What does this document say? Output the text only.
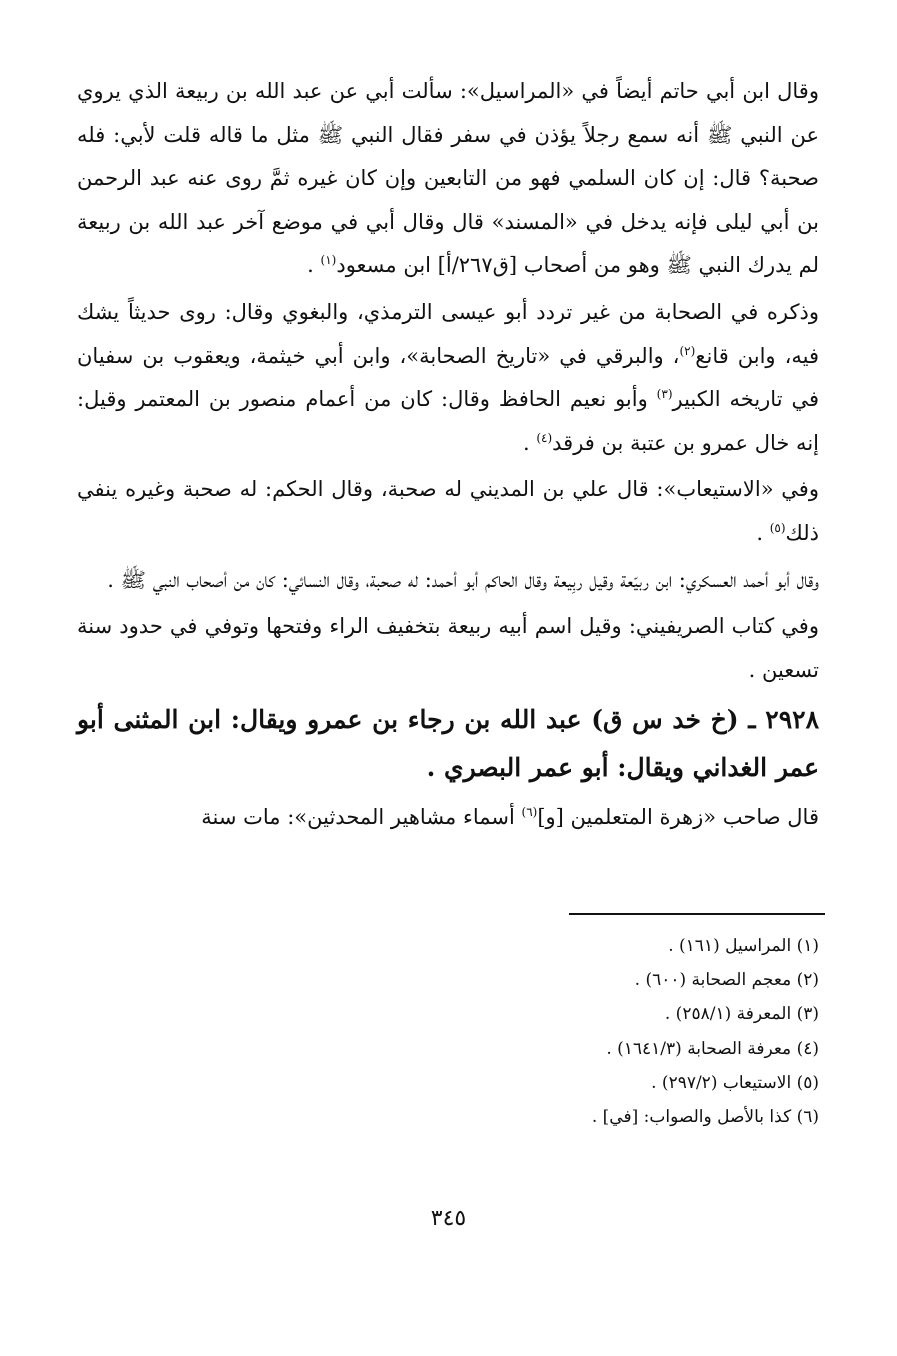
وقال ابن أبي حاتم أيضاً في «المراسيل»: سألت أبي عن عبد الله بن ربيعة الذي يروي عن النبي ﷺ أنه سمع رجلاً يؤذن في سفر فقال النبي ﷺ مثل ما قاله قلت لأبي: فله صحبة؟ قال: إن كان السلمي فهو من التابعين وإن كان غيره ثمَّ روى عنه عبد الرحمن بن أبي ليلى فإنه يدخل في «المسند» قال وقال أبي في موضع آخر عبد الله بن ربيعة لم يدرك النبي ﷺ وهو من أصحاب [ق٢٦٧/أ] ابن مسعود$^{(١)}$ .

وذكره في الصحابة من غير تردد أبو عيسى الترمذي، والبغوي وقال: روى حديثاً يشك فيه، وابن قانع$^{(٢)}$، والبرقي في «تاريخ الصحابة»، وابن أبي خيثمة، ويعقوب بن سفيان في تاريخه الكبير$^{(٣)}$ وأبو نعيم الحافظ وقال: كان من أعمام منصور بن المعتمر وقيل: إنه خال عمرو بن عتبة بن فرقد$^{(٤)}$ .

وفي «الاستيعاب»: قال علي بن المديني له صحبة، وقال الحكم: له صحبة وغيره ينفي ذلك$^{(٥)}$ .

وقال أبو أحمد العسكري: ابن ربيّعة وقيل ربِيعة وقال الحاكم أبو أحمد: له صحبة، وقال النسائي: كان من أصحاب النبي ﷺ .

وفي كتاب الصريفيني: وقيل اسم أبيه ربيعة بتخفيف الراء وفتحها وتوفي في حدود سنة تسعين .

٢٩٢٨ ـ (خ خد س ق) عبد الله بن رجاء بن عمرو ويقال: ابن المثنى أبو عمر الغداني ويقال: أبو عمر البصري .

قال صاحب «زهرة المتعلمين [و]$^{(٦)}$ أسماء مشاهير المحدثين»: مات سنة

(١) المراسيل (١٦١) .

(٢) معجم الصحابة (٦٠٠) .

(٣) المعرفة (٢٥٨/١) .

(٤) معرفة الصحابة (١٦٤١/٣) .

(٥) الاستيعاب (٢٩٧/٢) .

(٦) كذا بالأصل والصواب: [في] .

٣٤٥
